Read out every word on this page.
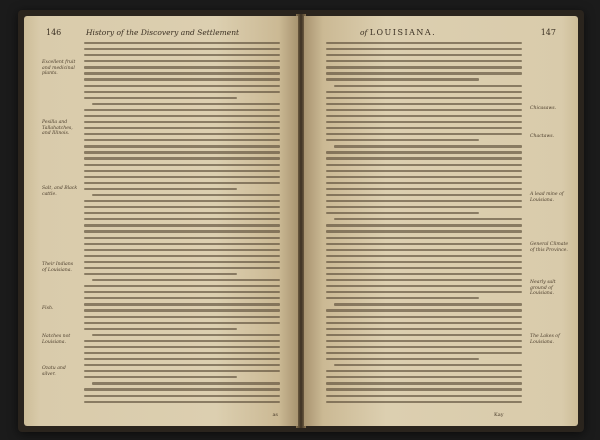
146	History of the Discovery and Settlement
Excellent fruit and medicinal plants.
Pesilla and Tallahatches, and Illinois.
Salt, and Black cattle.
Their Indians of Louisiana.
Fish.
Natches not Louisiana.
Ozatu and silver.
as
of LOUISIANA.	147
Chicasaws.
Chactaws.
A lead mine of Louisiana.
General Climate of this Province.
Nearly salt ground of Louisiana.
The Lakes of Louisiana.
Kay
